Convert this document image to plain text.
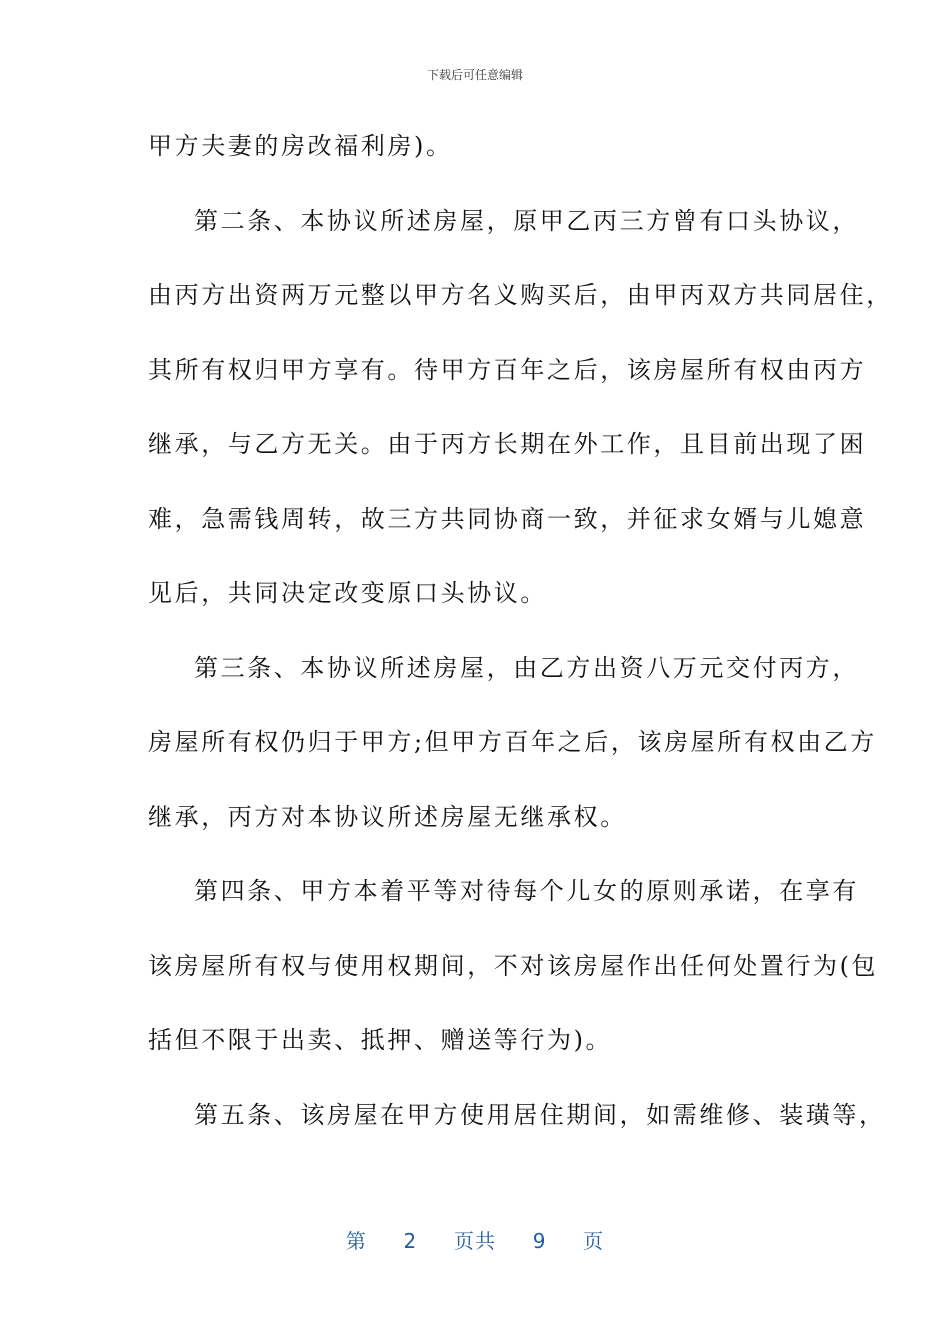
下载后可任意编辑
甲方夫妻的房改福利房)。
第二条、本协议所述房屋，原甲乙丙三方曾有口头协议，
由丙方出资两万元整以甲方名义购买后，由甲丙双方共同居住，
其所有权归甲方享有。待甲方百年之后，该房屋所有权由丙方
继承，与乙方无关。由于丙方长期在外工作，且目前出现了困
难，急需钱周转，故三方共同协商一致，并征求女婿与儿媳意
见后，共同决定改变原口头协议。
第三条、本协议所述房屋，由乙方出资八万元交付丙方，
房屋所有权仍归于甲方;但甲方百年之后，该房屋所有权由乙方
继承，丙方对本协议所述房屋无继承权。
第四条、甲方本着平等对待每个儿女的原则承诺，在享有
该房屋所有权与使用权期间，不对该房屋作出任何处置行为(包
括但不限于出卖、抵押、赠送等行为)。
第五条、该房屋在甲方使用居住期间，如需维修、装璜等，
第 2 页共 9 页
